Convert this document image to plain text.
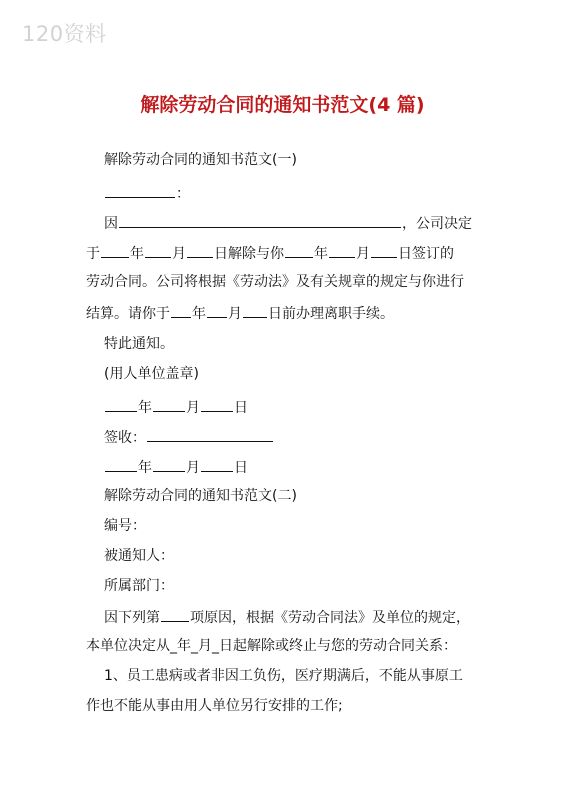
120资料
解除劳动合同的通知书范文(4 篇)
解除劳动合同的通知书范文(一)
：
因	，公司决定
于 年 月 日解除与你 年 月 日签订的
劳动合同。公司将根据《劳动法》及有关规章的规定与你进行
结算。请你于 年 月 日前办理离职手续。
特此通知。
(用人单位盖章)
年 月 日
签收：
年 月 日
解除劳动合同的通知书范文(二)
编号：
被通知人：
所属部门：
因下列第 项原因，根据《劳动合同法》及单位的规定，
本单位决定从_年_月_日起解除或终止与您的劳动合同关系：
1、员工患病或者非因工负伤，医疗期满后，不能从事原工
作也不能从事由用人单位另行安排的工作;
